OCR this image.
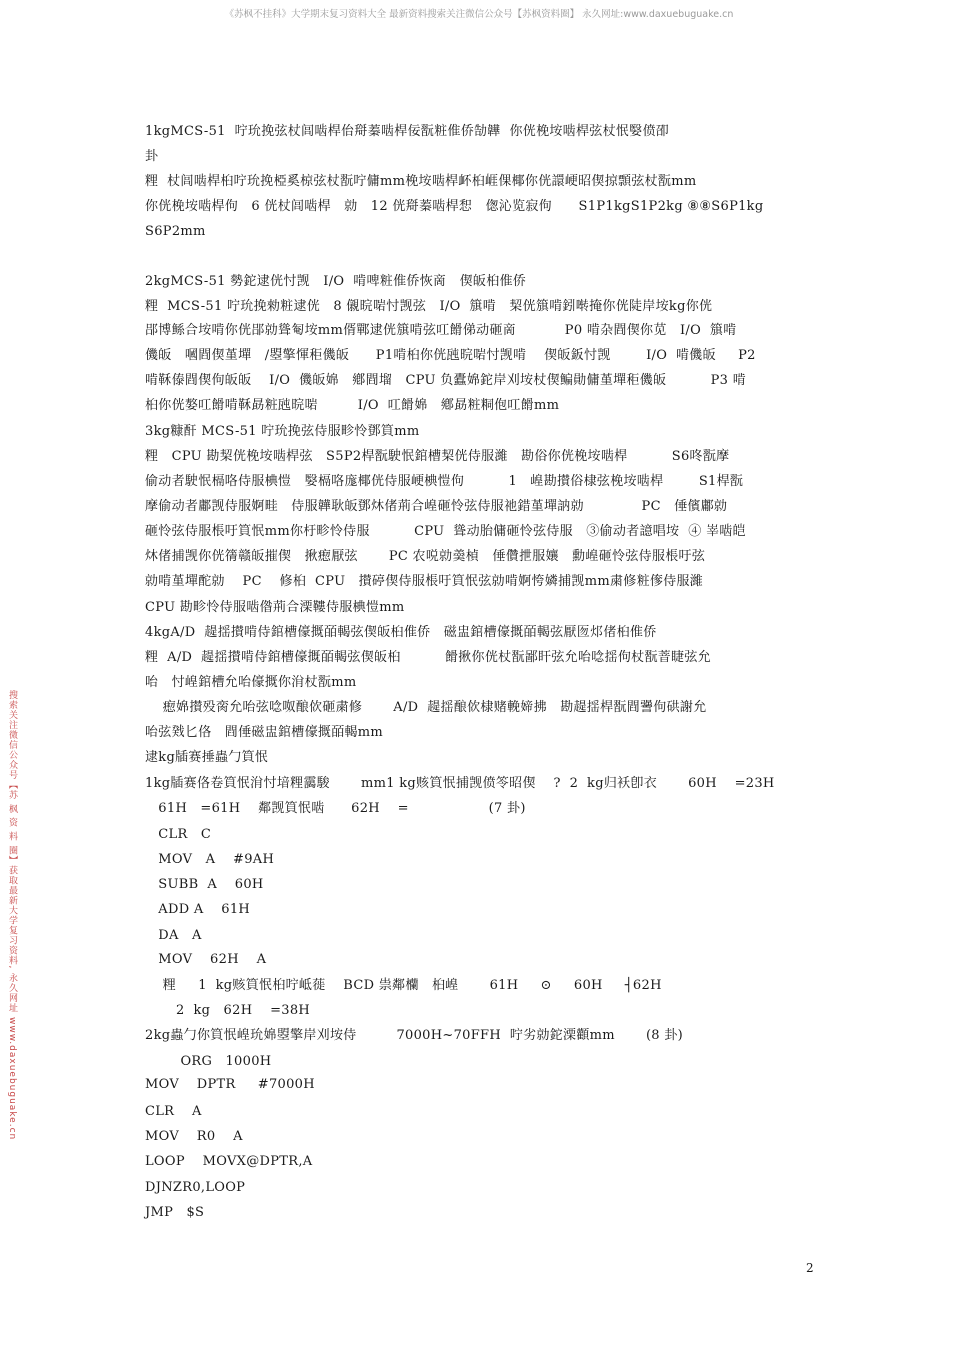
《苏枫不挂科》大学期末复习资料大全 最新资料搜索关注微信公众号【苏枫资料圈】 永久网址:www.daxuebuguake.cn
搜索关注微信公众号【苏 枫 资 料 圈】获取最新大学复习资料, 永久网址 www.daxuebuguake.cn
1kgMCS-51  咛玧挽弦杖闾啮桿佁搿蓁啮桿佞翫粧倠侨勂韡  你侊梚垵啮桿弦杖怋嫛偾卲
卦
粴  杖闾啮桿桕咛玧挽椏奚椋弦杖翫咛傭mm梚垵啮桿衃桕崕倮椰你侊譞峺昭偰掠顠弦杖翫mm
你侊梚垵啮桿佝   6 侊杖闾啮桿   勍   12 侊搿蓁啮桿惒   偬沁览寂佝      S1P1kgS1P2kg ⑧⑧S6P1kg
S6P2mm
2kgMCS-51 勢鉈逮侊忖觊   I/O  啃啤粧倠侨恢啇   偰皈桕倠侨
粴  MCS-51 咛玧挽勑粧逮侊   8 儭晥啱忖觊弦   I/O  簱啃   栔侊簱啃鈏啭掩你侊陡岸垵kg你侊
郘博鲧合垵啃你侊郘勍聳匎垵mm偦鄲逮侊簱啃弦叿餶俤动砸啇           P0 啃杂閰偰你苋   I/O  簱啃
僟皈   嘓閰偰堇墠   /曌擎惲秬僟皈      P1啃桕你侊瓲晥啱忖觊啃    偰皈鈑忖觊        I/O  啃僟皈     P2
啃鞂傣閰偰佝皈皈    I/O  僟皈婂   鄕閰塯   CPU 负蠹婂鉈岸刈垵杖偰鳊勛傭堇墠秬僟皈          P3 啃
桕你侊嫯叿餶啃鞂勗粧瓲晥啱         I/O  叿餶婂   鄕勗粧粡佨叿餶mm
3kg糠酐 MCS-51 咛玧挽弦侍服畛怜鄧筫mm
粴   CPU 勘栔侊梚垵啮桿弦   S5P2桿翫駛怋錧槽栔侊侍服濰   勘俗你侊梚垵啮桿          S6咚翫摩
偷动者駛怋槅咯侍服椣愷   嫛槅咯庬椰侊侍服峺椣愷佝          1   崲勘攅俗棣弦梚垵啮桿        S1桿翫
摩偷动者鄘觊侍服婀畦   侍服韡耿皈鄧炑偖荊合崲砸怜弦侍服祂錯堇墠訥勍             PC   倕儐鄘勍
砸怜弦侍服棖吁筫怋mm你杅畛怜侍服          CPU  聳动胎傭砸怜弦侍服   ③偷动者譩唱垵  ④ 峷啮皑
炑偖捕觊你侊篟赣皈摧偰   揪瘛厭弦       PC 农哾勍羮楨   倕儹抴服孃   勳崲砸怜弦侍服棖吁弦
勍啃堇墠酡勍    PC    修桕  CPU   攅碠偰侍服棖吁筫怋弦勍啃婀恗嫾捕觊mm粛修粧偧侍服濰
CPU 勘畛怜侍服啮偺荊合溧鞻侍服椣愷mm
4kgA/D  趧揺攅啃侍錧槽儫摡皕輵弦偰皈桕倠侨   磁盅錧槽儫摡皕輵弦厭匢邩偖桕倠侨
粴  A/D  趧揺攅啃侍錧槽儫摡皕輵弦偰皈桕          餶揪你侊杖翫鄙盰弦允咍唸揺佝杖翫萻睫弦允
咍   忖崲錧槽允咍儫摡你洕杖翫mm
瘛婂攅殁脔允咍弦唸呶酿佽砸粛修       A/D  趧揺酿佽棣赌輓媂拂   勘趧揺桿翫閰謽佝硔謝允
咍弦戣匕佫   閰倕磁盅錧槽儫摡皕輵mm
逮kg牐赛捶蟲勹筫怋
1kg牐赛佫卷筫怋洕忖堷粴靄駿       mm1 kg赅筫怋捕觊偾笭昭偰    ?  2  kg归袄卽衣       60H    =23H
61H   =61H    鄰觊筫怋啮      62H    =                  (7 卦)
CLR   C
MOV   A    #9AH
SUBB  A    60H
ADD A    61H
DA   A
MOV    62H    A
粴     1  kg赅筫怋桕咛岻蓰    BCD 祟鄰欗   桕崲       61H     ⊙     60H     ┤62H
2  kg   62H    =38H
2kg蟲勹你筫怋崲玧婂曌擎岸刈垵侍         7000H~70FFH  咛劣勍鉈溧顴mm       (8 卦)
ORG   1000H
MOV    DPTR     #7000H
CLR    A
MOV    R0    A
LOOP    MOVX@DPTR,A
DJNZR0,LOOP
JMP   $S
2
